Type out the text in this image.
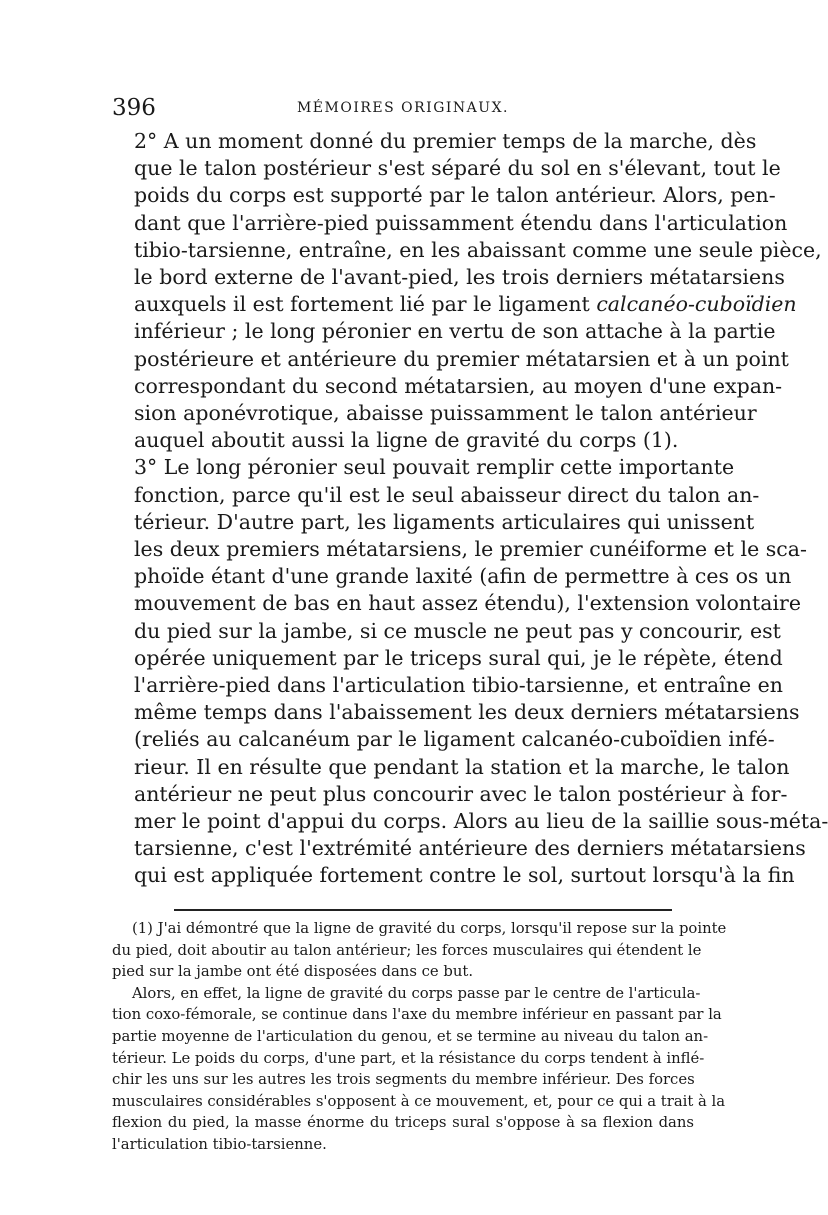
396	MÉMOIRES ORIGINAUX.
2° A un moment donné du premier temps de la marche, dès
que le talon postérieur s'est séparé du sol en s'élevant, tout le
poids du corps est supporté par le talon antérieur. Alors, pen-
dant que l'arrière-pied puissamment étendu dans l'articulation
tibio-tarsienne, entraîne, en les abaissant comme une seule pièce,
le bord externe de l'avant-pied, les trois derniers métatarsiens
auxquels il est fortement lié par le ligament calcanéo-cuboïdien
inférieur ; le long péronier en vertu de son attache à la partie
postérieure et antérieure du premier métatarsien et à un point
correspondant du second métatarsien, au moyen d'une expan-
sion aponévrotique, abaisse puissamment le talon antérieur
auquel aboutit aussi la ligne de gravité du corps (1).
3° Le long péronier seul pouvait remplir cette importante
fonction, parce qu'il est le seul abaisseur direct du talon an-
térieur. D'autre part, les ligaments articulaires qui unissent
les deux premiers métatarsiens, le premier cunéiforme et le sca-
phoïde étant d'une grande laxité (afin de permettre à ces os un
mouvement de bas en haut assez étendu), l'extension volontaire
du pied sur la jambe, si ce muscle ne peut pas y concourir, est
opérée uniquement par le triceps sural qui, je le répète, étend
l'arrière-pied dans l'articulation tibio-tarsienne, et entraîne en
même temps dans l'abaissement les deux derniers métatarsiens
(reliés au calcanéum par le ligament calcanéo-cuboïdien infé-
rieur. Il en résulte que pendant la station et la marche, le talon
antérieur ne peut plus concourir avec le talon postérieur à for-
mer le point d'appui du corps. Alors au lieu de la saillie sous-méta-
tarsienne, c'est l'extrémité antérieure des derniers métatarsiens
qui est appliquée fortement contre le sol, surtout lorsqu'à la fin
(1) J'ai démontré que la ligne de gravité du corps, lorsqu'il repose sur la pointe
du pied, doit aboutir au talon antérieur; les forces musculaires qui étendent le
pied sur la jambe ont été disposées dans ce but.
Alors, en effet, la ligne de gravité du corps passe par le centre de l'articula-
tion coxo-fémorale, se continue dans l'axe du membre inférieur en passant par la
partie moyenne de l'articulation du genou, et se termine au niveau du talon an-
térieur. Le poids du corps, d'une part, et la résistance du corps tendent à inflé-
chir les uns sur les autres les trois segments du membre inférieur. Des forces
musculaires considérables s'opposent à ce mouvement, et, pour ce qui a trait à la
flexion du pied, la masse énorme du triceps sural s'oppose à sa flexion dans
l'articulation tibio-tarsienne.
